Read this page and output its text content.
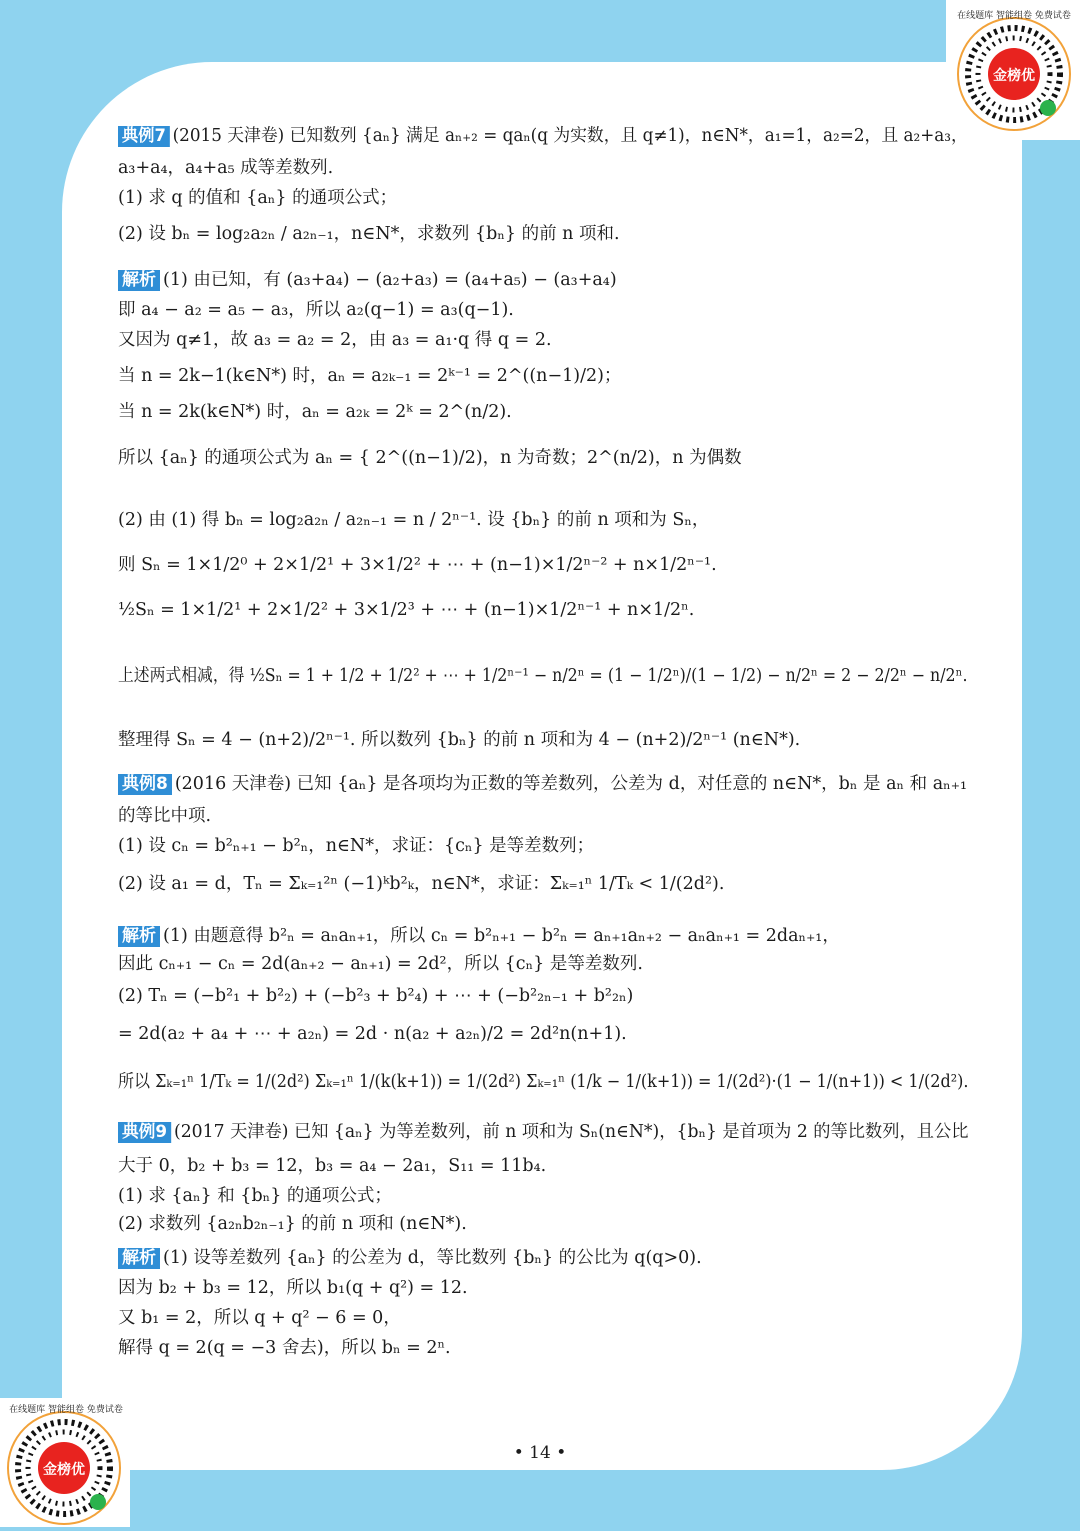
金榜优
在线题库 智能组卷 免费试卷
金榜优
在线题库 智能组卷 免费试卷
典例7 (2015 天津卷) 已知数列 {aₙ} 满足 aₙ₊₂ = qaₙ(q 为实数，且 q≠1)，n∈N*，a₁=1，a₂=2，且 a₂+a₃，
a₃+a₄，a₄+a₅ 成等差数列.
(1) 求 q 的值和 {aₙ} 的通项公式；
(2) 设 bₙ = log₂a₂ₙ / a₂ₙ₋₁，n∈N*，求数列 {bₙ} 的前 n 项和.
解析 (1) 由已知，有 (a₃+a₄) − (a₂+a₃) = (a₄+a₅) − (a₃+a₄)
即 a₄ − a₂ = a₅ − a₃，所以 a₂(q−1) = a₃(q−1).
又因为 q≠1，故 a₃ = a₂ = 2，由 a₃ = a₁·q 得 q = 2.
当 n = 2k−1(k∈N*) 时，aₙ = a₂ₖ₋₁ = 2ᵏ⁻¹ = 2^((n−1)/2)；
当 n = 2k(k∈N*) 时，aₙ = a₂ₖ = 2ᵏ = 2^(n/2).
所以 {aₙ} 的通项公式为 aₙ = { 2^((n−1)/2)，n 为奇数；2^(n/2)，n 为偶数
(2) 由 (1) 得 bₙ = log₂a₂ₙ / a₂ₙ₋₁ = n / 2ⁿ⁻¹. 设 {bₙ} 的前 n 项和为 Sₙ，
则 Sₙ = 1×1/2⁰ + 2×1/2¹ + 3×1/2² + ⋯ + (n−1)×1/2ⁿ⁻² + n×1/2ⁿ⁻¹.
½Sₙ = 1×1/2¹ + 2×1/2² + 3×1/2³ + ⋯ + (n−1)×1/2ⁿ⁻¹ + n×1/2ⁿ.
上述两式相减，得 ½Sₙ = 1 + 1/2 + 1/2² + ⋯ + 1/2ⁿ⁻¹ − n/2ⁿ = (1 − 1/2ⁿ)/(1 − 1/2) − n/2ⁿ = 2 − 2/2ⁿ − n/2ⁿ.
整理得 Sₙ = 4 − (n+2)/2ⁿ⁻¹. 所以数列 {bₙ} 的前 n 项和为 4 − (n+2)/2ⁿ⁻¹ (n∈N*).
典例8 (2016 天津卷) 已知 {aₙ} 是各项均为正数的等差数列，公差为 d，对任意的 n∈N*，bₙ 是 aₙ 和 aₙ₊₁
的等比中项.
(1) 设 cₙ = b²ₙ₊₁ − b²ₙ，n∈N*，求证：{cₙ} 是等差数列；
(2) 设 a₁ = d，Tₙ = Σₖ₌₁²ⁿ (−1)ᵏb²ₖ，n∈N*，求证：Σₖ₌₁ⁿ 1/Tₖ < 1/(2d²).
解析 (1) 由题意得 b²ₙ = aₙaₙ₊₁，所以 cₙ = b²ₙ₊₁ − b²ₙ = aₙ₊₁aₙ₊₂ − aₙaₙ₊₁ = 2daₙ₊₁，
因此 cₙ₊₁ − cₙ = 2d(aₙ₊₂ − aₙ₊₁) = 2d²，所以 {cₙ} 是等差数列.
(2) Tₙ = (−b²₁ + b²₂) + (−b²₃ + b²₄) + ⋯ + (−b²₂ₙ₋₁ + b²₂ₙ)
= 2d(a₂ + a₄ + ⋯ + a₂ₙ) = 2d · n(a₂ + a₂ₙ)/2 = 2d²n(n+1).
所以 Σₖ₌₁ⁿ 1/Tₖ = 1/(2d²) Σₖ₌₁ⁿ 1/(k(k+1)) = 1/(2d²) Σₖ₌₁ⁿ (1/k − 1/(k+1)) = 1/(2d²)·(1 − 1/(n+1)) < 1/(2d²).
典例9 (2017 天津卷) 已知 {aₙ} 为等差数列，前 n 项和为 Sₙ(n∈N*)，{bₙ} 是首项为 2 的等比数列，且公比
大于 0，b₂ + b₃ = 12，b₃ = a₄ − 2a₁，S₁₁ = 11b₄.
(1) 求 {aₙ} 和 {bₙ} 的通项公式；
(2) 求数列 {a₂ₙb₂ₙ₋₁} 的前 n 项和 (n∈N*).
解析 (1) 设等差数列 {aₙ} 的公差为 d，等比数列 {bₙ} 的公比为 q(q>0).
因为 b₂ + b₃ = 12，所以 b₁(q + q²) = 12.
又 b₁ = 2，所以 q + q² − 6 = 0，
解得 q = 2(q = −3 舍去)，所以 bₙ = 2ⁿ.
• 14 •
